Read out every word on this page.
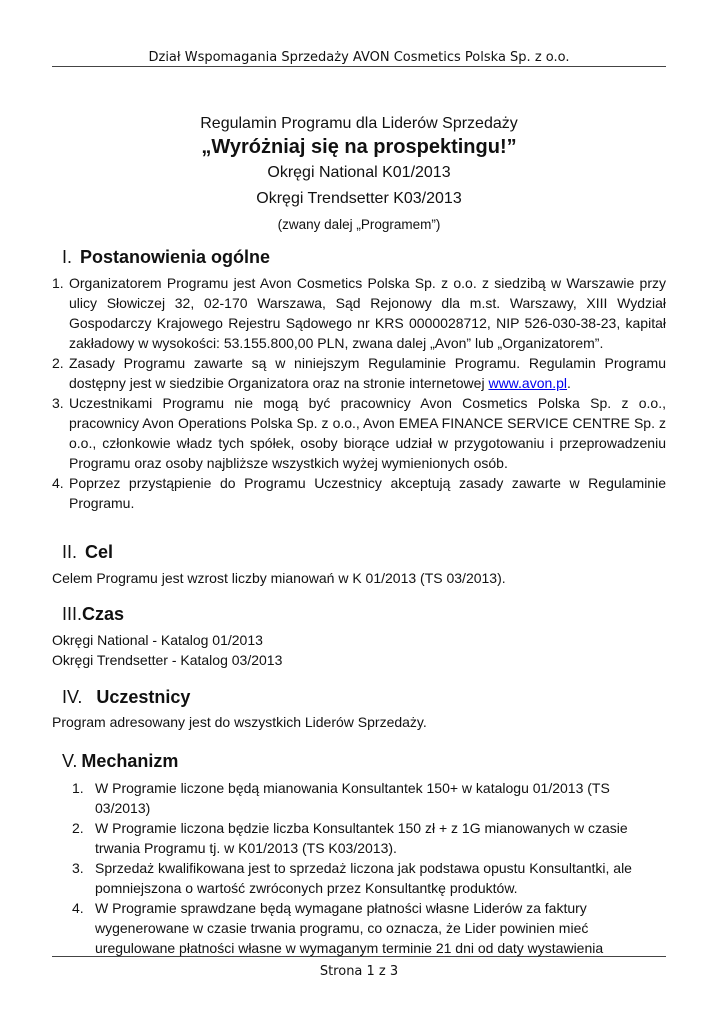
Dział Wspomagania Sprzedaży AVON Cosmetics Polska Sp. z o.o.
Regulamin Programu dla Liderów Sprzedaży
„Wyróżniaj się na prospektingu!”
Okręgi National K01/2013
Okręgi Trendsetter K03/2013
(zwany dalej „Programem”)
I. Postanowienia ogólne
1. Organizatorem Programu jest Avon Cosmetics Polska Sp. z o.o. z siedzibą w Warszawie przy ulicy Słowiczej 32, 02-170 Warszawa, Sąd Rejonowy dla m.st. Warszawy, XIII Wydział Gospodarczy Krajowego Rejestru Sądowego nr KRS 0000028712, NIP 526-030-38-23, kapitał zakładowy w wysokości: 53.155.800,00 PLN, zwana dalej „Avon” lub „Organizatorem”.
2. Zasady Programu zawarte są w niniejszym Regulaminie Programu. Regulamin Programu dostępny jest w siedzibie Organizatora oraz na stronie internetowej www.avon.pl.
3. Uczestnikami Programu nie mogą być pracownicy Avon Cosmetics Polska Sp. z o.o., pracownicy Avon Operations Polska Sp. z o.o., Avon EMEA FINANCE SERVICE CENTRE Sp. z o.o., członkowie władz tych spółek, osoby biorące udział w przygotowaniu i przeprowadzeniu Programu oraz osoby najbliższe wszystkich wyżej wymienionych osób.
4. Poprzez przystąpienie do Programu Uczestnicy akceptują zasady zawarte w Regulaminie Programu.
II. Cel

Celem Programu jest wzrost liczby mianowań w K 01/2013 (TS 03/2013).

III.Czas

Okręgi National - Katalog 01/2013

Okręgi Trendsetter - Katalog 03/2013

IV. Uczestnicy

Program adresowany jest do wszystkich Liderów Sprzedaży.

V. Mechanizm
1. W Programie liczone będą mianowania Konsultantek 150+ w katalogu 01/2013 (TS 03/2013)
2. W Programie liczona będzie liczba Konsultantek 150 zł + z 1G mianowanych w czasie trwania Programu tj. w K01/2013 (TS K03/2013).
3. Sprzedaż kwalifikowana jest to sprzedaż liczona jak podstawa opustu Konsultantki, ale pomniejszona o wartość zwróconych przez Konsultantkę produktów.
4. W Programie sprawdzane będą wymagane płatności własne Liderów za faktury wygenerowane w czasie trwania programu, co oznacza, że Lider powinien mieć uregulowane płatności własne w wymaganym terminie 21 dni od daty wystawienia
Strona 1 z 3
